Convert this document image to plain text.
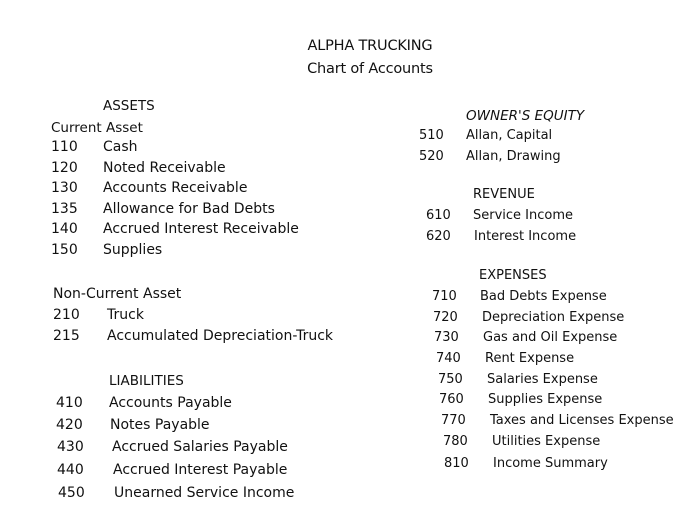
ALPHA TRUCKING
Chart of Accounts
ASSETS
Current Asset
110 Cash
120 Noted Receivable
130 Accounts Receivable
135 Allowance for Bad Debts
140 Accrued Interest Receivable
150 Supplies
Non-Current Asset
210 Truck
215 Accumulated Depreciation-Truck
LIABILITIES
410 Accounts Payable
420 Notes Payable
430 Accrued Salaries Payable
440 Accrued Interest Payable
450 Unearned Service Income
OWNER'S EQUITY
510 Allan, Capital
520 Allan, Drawing
REVENUE
610 Service Income
620 Interest Income
EXPENSES
710 Bad Debts Expense
720 Depreciation Expense
730 Gas and Oil Expense
740 Rent Expense
750 Salaries Expense
760 Supplies Expense
770 Taxes and Licenses Expense
780 Utilities Expense
810 Income Summary
